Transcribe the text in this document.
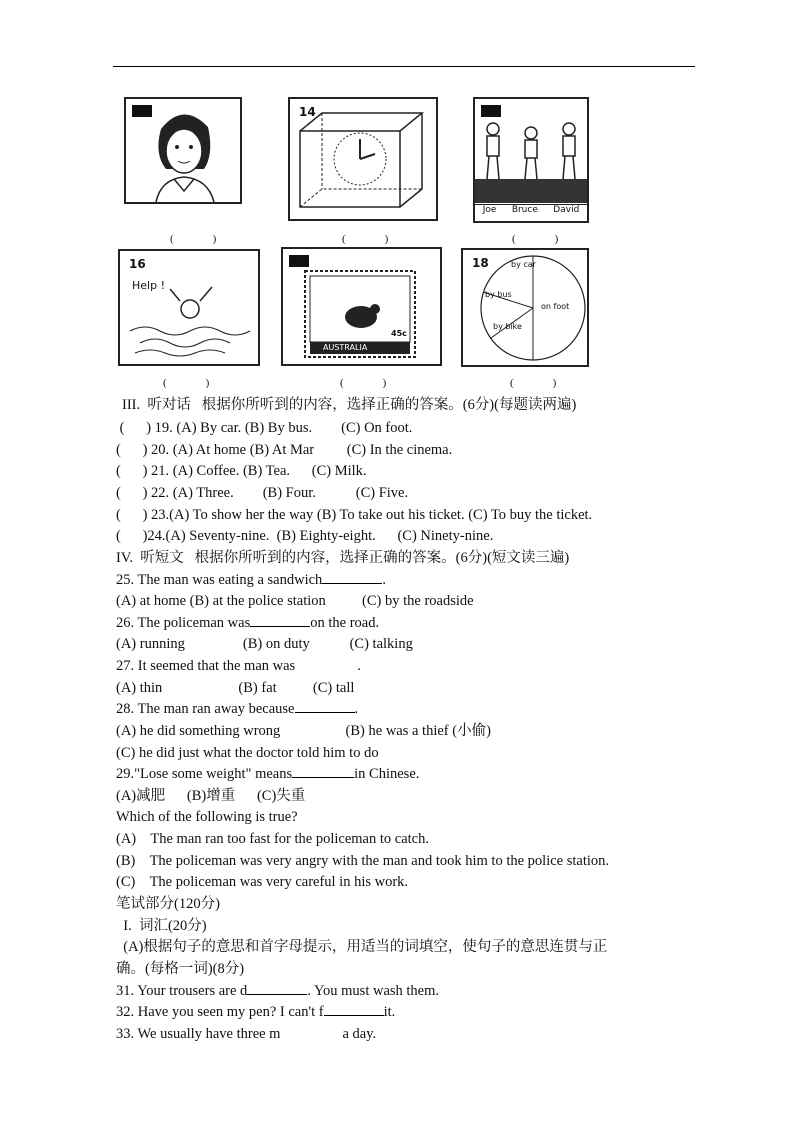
(　)
14
(　)
Joe Bruce David
(　)
16
Help !
(　)
AUSTRALIA
45c
(　)
18	by car
by bus
on foot
by bike
(　)
III.  听对话   根据你所听到的内容，选择正确的答案。(6分)(每题读两遍)
(      ) 19. (A) By car. (B) By bus.        (C) On foot.
(      ) 20. (A) At home (B) At Mar         (C) In the cinema.
(      ) 21. (A) Coffee. (B) Tea.      (C) Milk.
(      ) 22. (A) Three.        (B) Four.           (C) Five.
(      ) 23.(A) To show her the way (B) To take out his ticket. (C) To buy the ticket.
(      )24.(A) Seventy-nine.  (B) Eighty-eight.      (C) Ninety-nine.
IV.  听短文   根据你所听到的内容，选择正确的答案。(6分)(短文读三遍)
25. The man was eating a sandwich	.
(A) at home (B) at the police station          (C) by the roadside
26. The policeman was	on the road.
(A) running                (B) on duty           (C) talking
27. It seemed that the man was	.
(A) thin                     (B) fat          (C) tall
28. The man ran away because	.
(A) he did something wrong                  (B) he was a thief (小偷)
(C) he did just what the doctor told him to do
29."Lose some weight" means	in Chinese.
(A)减肥      (B)增重      (C)失重
Which of the following is true?
(A)    The man ran too fast for the policeman to catch.
(B)    The policeman was very angry with the man and took him to the police station.
(C)    The policeman was very careful in his work.
笔试部分(120分)
I.  词汇(20分)
(A)根据句子的意思和首字母提示，用适当的词填空，使句子的意思连贯与正
确。(每格一词)(8分)
31. Your trousers are d	. You must wash them.
32. Have you seen my pen? I can't f	it.
33. We usually have three m	a day.
